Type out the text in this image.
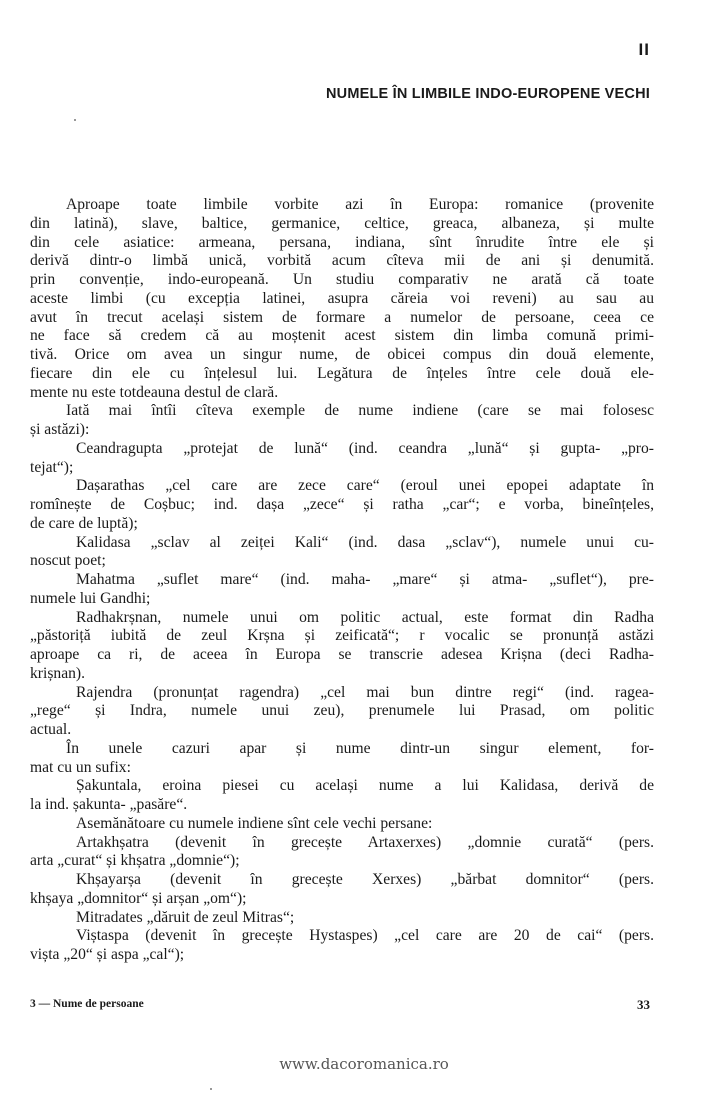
II
NUMELE ÎN LIMBILE INDO-EUROPENE VECHI
Aproape toate limbile vorbite azi în Europa: romanice (provenite
din latină), slave, baltice, germanice, celtice, greaca, albaneza, și multe
din cele asiatice: armeana, persana, indiana, sînt înrudite între ele și
derivă dintr-o limbă unică, vorbită acum cîteva mii de ani și denumită.
prin convenție, indo-europeană. Un studiu comparativ ne arată că toate
aceste limbi (cu excepția latinei, asupra căreia voi reveni) au sau au
avut în trecut același sistem de formare a numelor de persoane, ceea ce
ne face să credem că au moștenit acest sistem din limba comună primi-
tivă. Orice om avea un singur nume, de obicei compus din două elemente,
fiecare din ele cu înțelesul lui. Legătura de înțeles între cele două ele-
mente nu este totdeauna destul de clară.
Iată mai întîi cîteva exemple de nume indiene (care se mai folosesc
și astăzi):
Ceandragupta „protejat de lună“ (ind. ceandra „lună“ și gupta- „pro-
tejat“);
Dașarathas „cel care are zece care“ (eroul unei epopei adaptate în
romînește de Coșbuc; ind. dașa „zece“ și ratha „car“; e vorba, bineînțeles,
de care de luptă);
Kalidasa „sclav al zeiței Kali“ (ind. dasa „sclav“), numele unui cu-
noscut poet;
Mahatma „suflet mare“ (ind. maha- „mare“ și atma- „suflet“), pre-
numele lui Gandhi;
Radhakrșnan, numele unui om politic actual, este format din Radha
„păstoriță iubită de zeul Krșna și zeificată“; r vocalic se pronunță astăzi
aproape ca ri, de aceea în Europa se transcrie adesea Krișna (deci Radha-
krișnan).
Rajendra (pronunțat ragendra) „cel mai bun dintre regi“ (ind. ragea-
„rege“ și Indra, numele unui zeu), prenumele lui Prasad, om politic
actual.
În unele cazuri apar și nume dintr-un singur element, for-
mat cu un sufix:
Șakuntala, eroina piesei cu același nume a lui Kalidasa, derivă de
la ind. șakunta- „pasăre“.
Asemănătoare cu numele indiene sînt cele vechi persane:
Artakhșatra (devenit în grecește Artaxerxes) „domnie curată“ (pers.
arta „curat“ și khșatra „domnie“);
Khșayarșa (devenit în grecește Xerxes) „bărbat domnitor“ (pers.
khșaya „domnitor“ și arșan „om“);
Mitradates „dăruit de zeul Mitras“;
Viștaspa (devenit în grecește Hystaspes) „cel care are 20 de cai“ (pers.
vișta „20“ și aspa „cal“);
3 — Nume de persoane	33
www.dacoromanica.ro
